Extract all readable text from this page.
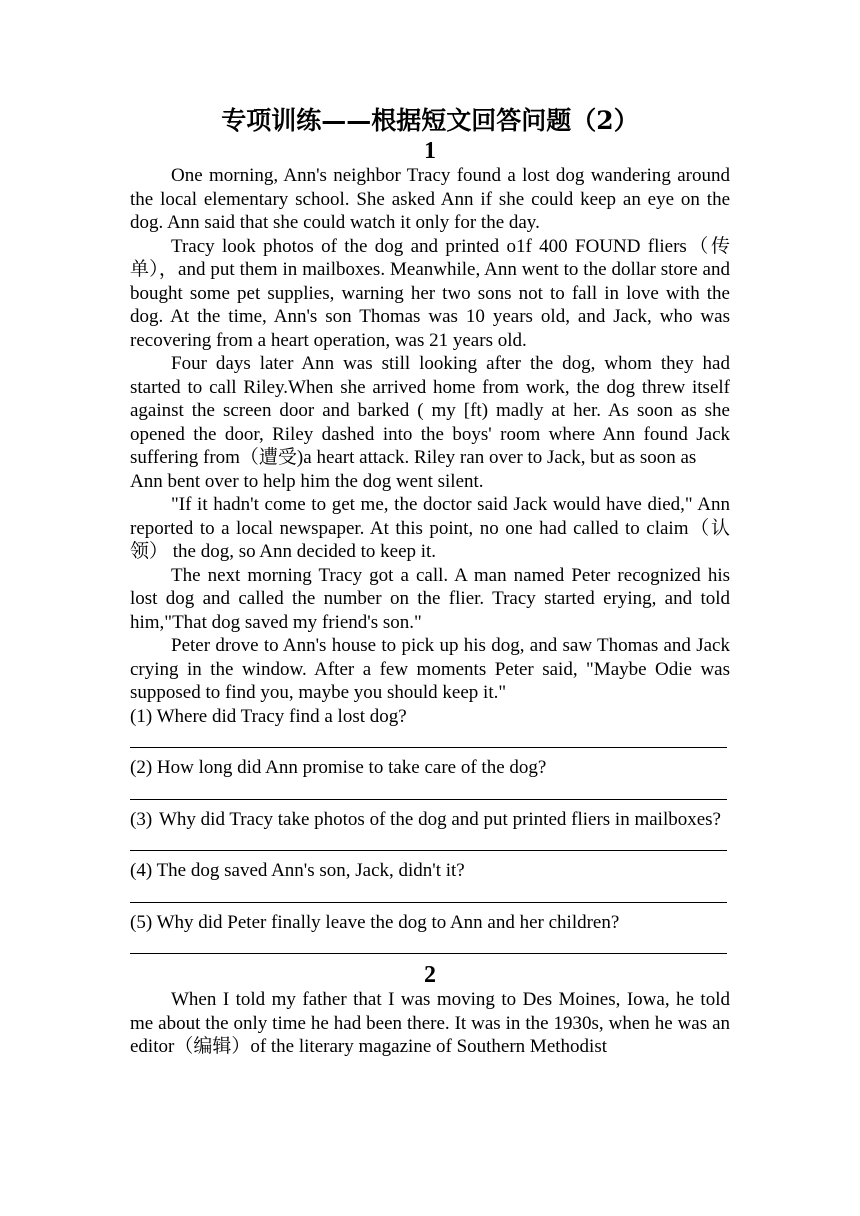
专项训练——根据短文回答问题（2）
1

One morning, Ann's neighbor Tracy found a lost dog wandering around the local elementary school. She asked Ann if she could keep an eye on the dog. Ann said that she could watch it only for the day.

Tracy look photos of the dog and printed o1f 400 FOUND fliers（传单），and put them in mailboxes. Meanwhile, Ann went to the dollar store and bought some pet supplies, warning her two sons not to fall in love with the dog. At the time, Ann's son Thomas was 10 years old, and Jack, who was recovering from a heart operation, was 21 years old.

Four days later Ann was still looking after the dog, whom they had started to call Riley.When she arrived home from work, the dog threw itself against the screen door and barked ( my [ft) madly at her. As soon as she opened the door, Riley dashed into the boys' room where Ann found Jack suffering from（遭受)a heart attack. Riley ran over to Jack, but as soon as

Ann bent over to help him the dog went silent.

"If it hadn't come to get me, the doctor said Jack would have died," Ann reported to a local newspaper. At this point, no one had called to claim（认领） the dog, so Ann decided to keep it.

The next morning Tracy got a call. A man named Peter recognized his lost dog and called the number on the flier. Tracy started erying, and told him,"That dog saved my friend's son."

Peter drove to Ann's house to pick up his dog, and saw Thomas and Jack crying in the window. After a few moments Peter said, "Maybe Odie was supposed to find you, maybe you should keep it."

(1) Where did Tracy find a lost dog?
(2) How long did Ann promise to take care of the dog?
(3) Why did Tracy take photos of the dog and put printed fliers in mailboxes?
(4) The dog saved Ann's son, Jack, didn't it?
(5) Why did Peter finally leave the dog to Ann and her children?
2

When I told my father that I was moving to Des Moines, Iowa, he told me about the only time he had been there. It was in the 1930s, when he was an editor（编辑）of the literary magazine of Southern Methodist
